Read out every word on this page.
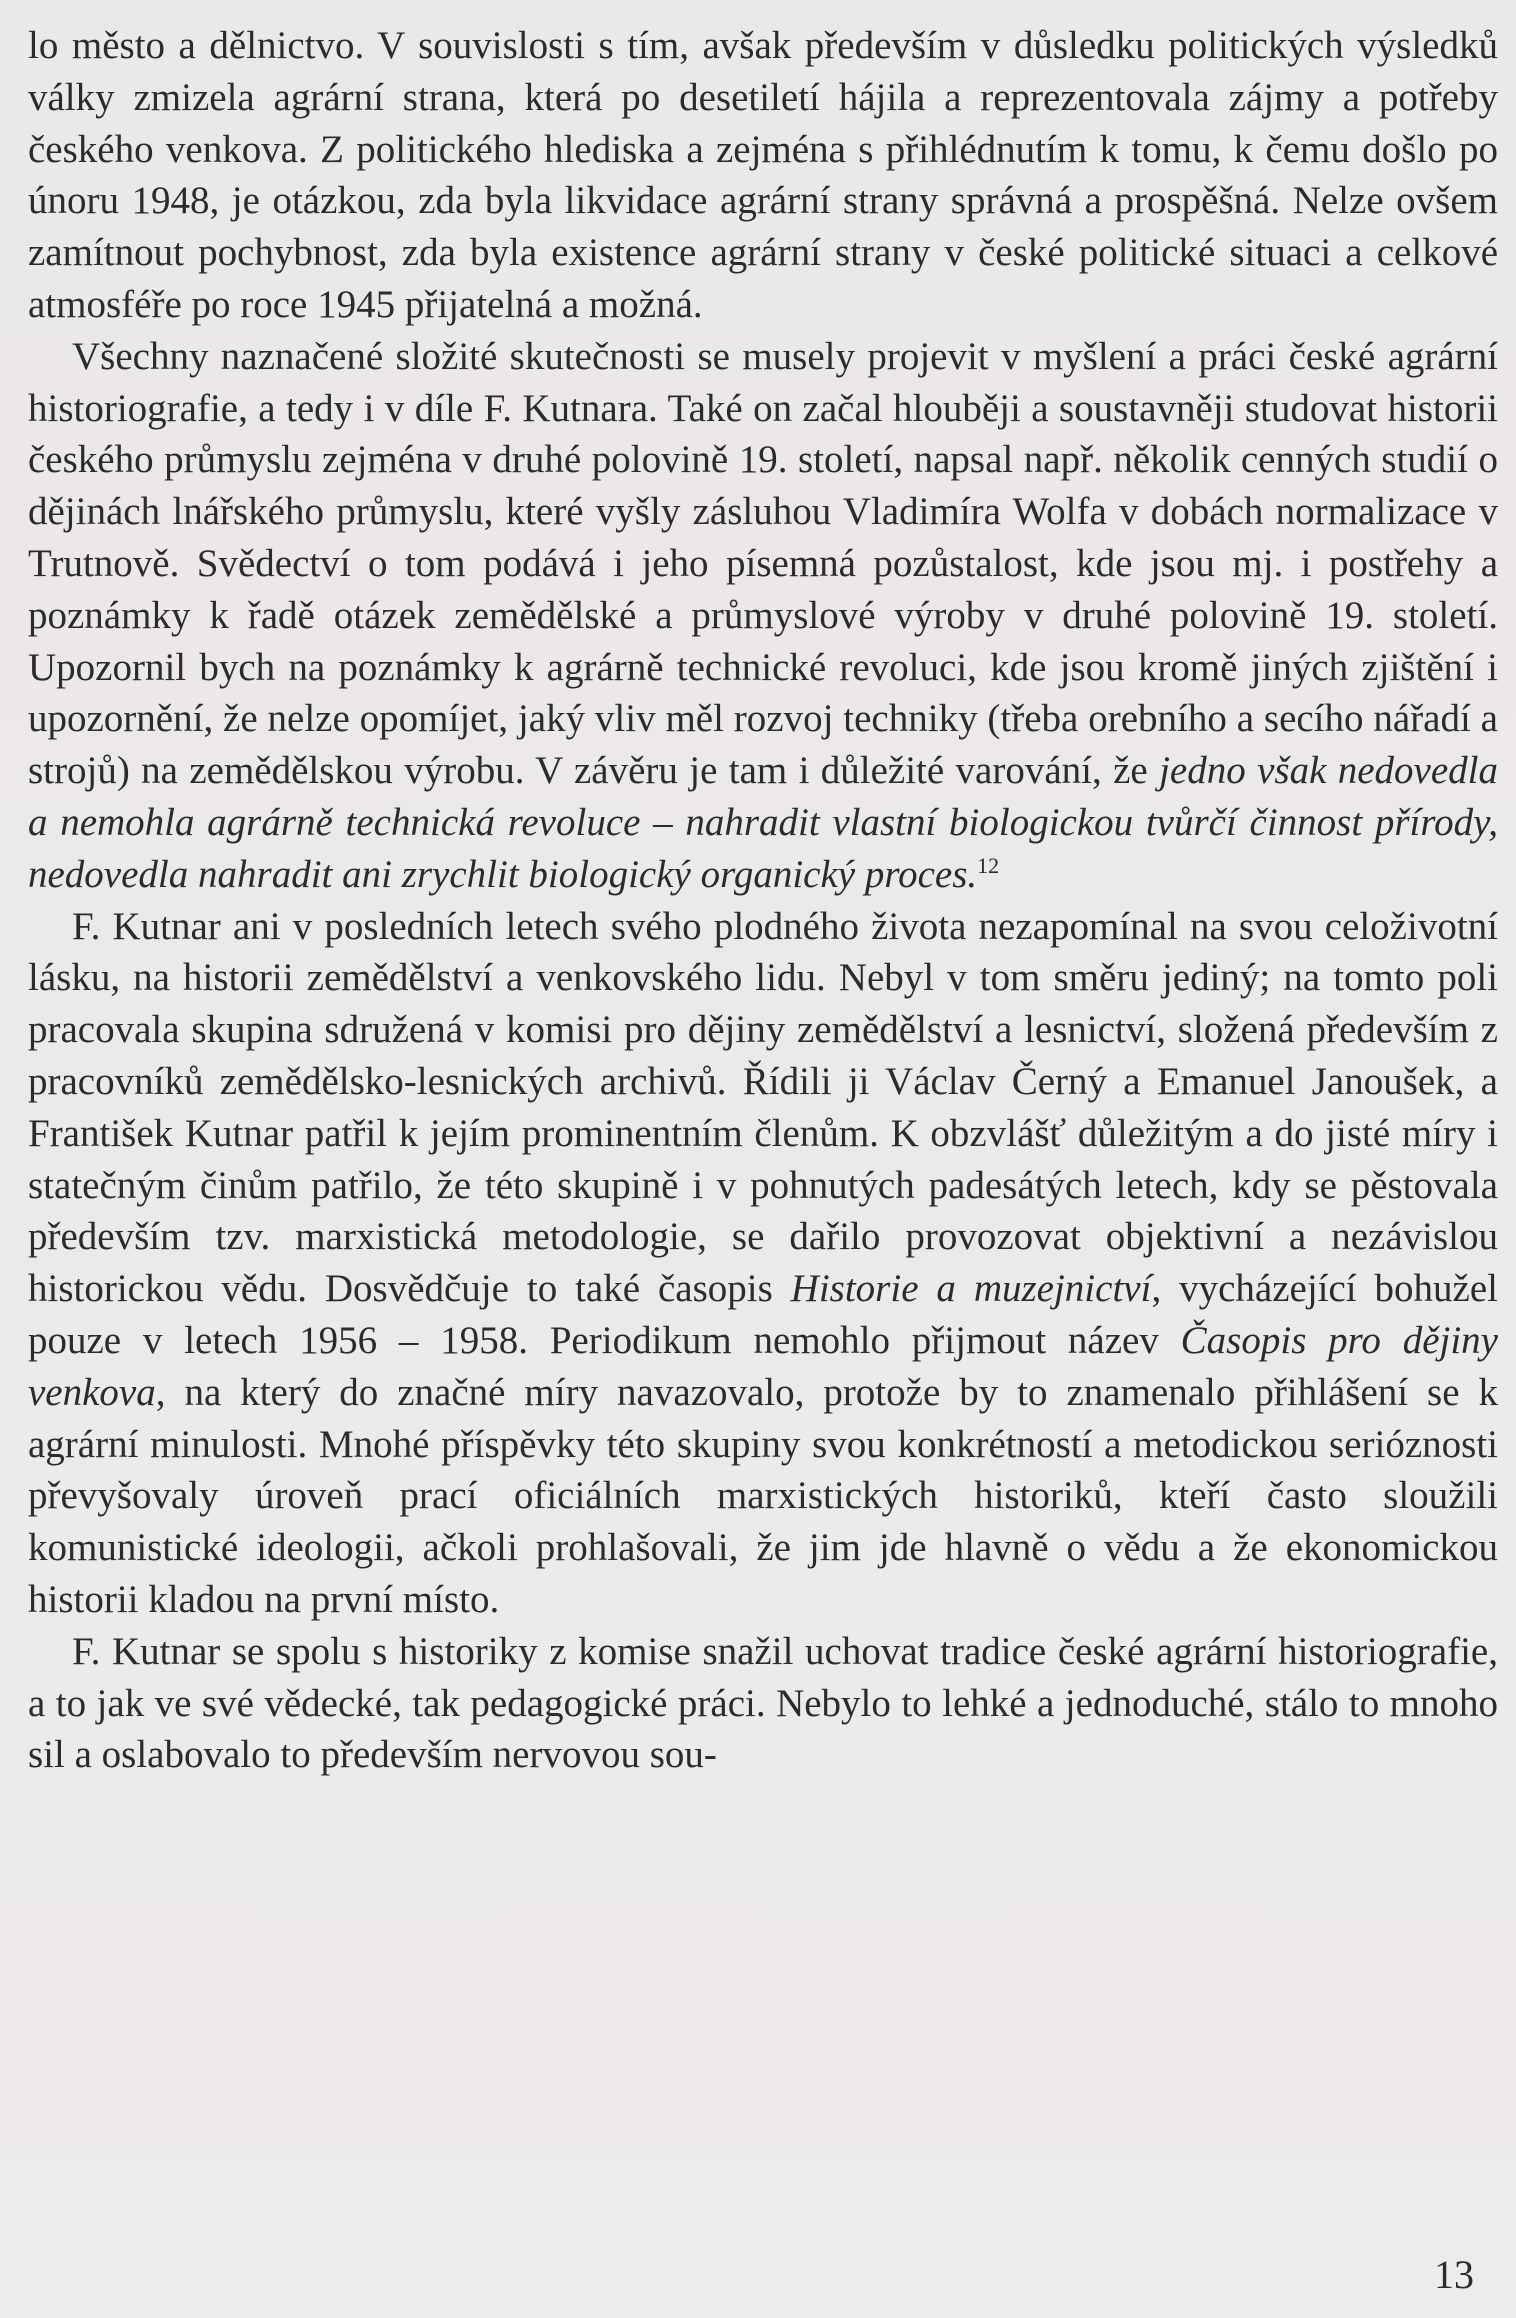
lo město a dělnictvo. V souvislosti s tím, avšak především v důsledku politických výsledků války zmizela agrární strana, která po desetiletí hájila a reprezentovala zájmy a potřeby českého venkova. Z politického hlediska a zejména s přihlédnutím k tomu, k čemu došlo po únoru 1948, je otázkou, zda byla likvidace agrární strany správná a prospěšná. Nelze ovšem zamítnout pochybnost, zda byla existence agrární strany v české politické situaci a celkové atmosféře po roce 1945 přijatelná a možná.

Všechny naznačené složité skutečnosti se musely projevit v myšlení a práci české agrární historiografie, a tedy i v díle F. Kutnara. Také on začal hlouběji a soustavněji studovat historii českého průmyslu zejména v druhé polovině 19. století, napsal např. několik cenných studií o dějinách lnářského průmyslu, které vyšly zásluhou Vladimíra Wolfa v dobách normalizace v Trutnově. Svědectví o tom podává i jeho písemná pozůstalost, kde jsou mj. i postřehy a poznámky k řadě otázek zemědělské a průmyslové výroby v druhé polovině 19. století. Upozornil bych na poznámky k agrárně technické revoluci, kde jsou kromě jiných zjištění i upozornění, že nelze opomíjet, jaký vliv měl rozvoj techniky (třeba orebního a secího nářadí a strojů) na zemědělskou výrobu. V závěru je tam i důležité varování, že jedno však nedovedla a nemohla agrárně technická revoluce – nahradit vlastní biologickou tvůrčí činnost přírody, nedovedla nahradit ani zrychlit biologický organický proces.$^{12}$

F. Kutnar ani v posledních letech svého plodného života nezapomínal na svou celoživotní lásku, na historii zemědělství a venkovského lidu. Nebyl v tom směru jediný; na tomto poli pracovala skupina sdružená v komisi pro dějiny zemědělství a lesnictví, složená především z pracovníků zemědělsko-lesnických archivů. Řídili ji Václav Černý a Emanuel Janoušek, a František Kutnar patřil k jejím prominentním členům. K obzvlášť důležitým a do jisté míry i statečným činům patřilo, že této skupině i v pohnutých padesátých letech, kdy se pěstovala především tzv. marxistická metodologie, se dařilo provozovat objektivní a nezávislou historickou vědu. Dosvědčuje to také časopis Historie a muzejnictví, vycházející bohužel pouze v letech 1956 – 1958. Periodikum nemohlo přijmout název Časopis pro dějiny venkova, na který do značné míry navazovalo, protože by to znamenalo přihlášení se k agrární minulosti. Mnohé příspěvky této skupiny svou konkrétností a metodickou serióznosti převyšovaly úroveň prací oficiálních marxistických historiků, kteří často sloužili komunistické ideologii, ačkoli prohlašovali, že jim jde hlavně o vědu a že ekonomickou historii kladou na první místo.

F. Kutnar se spolu s historiky z komise snažil uchovat tradice české agrární historiografie, a to jak ve své vědecké, tak pedagogické práci. Nebylo to lehké a jednoduché, stálo to mnoho sil a oslabovalo to především nervovou sou-

13
